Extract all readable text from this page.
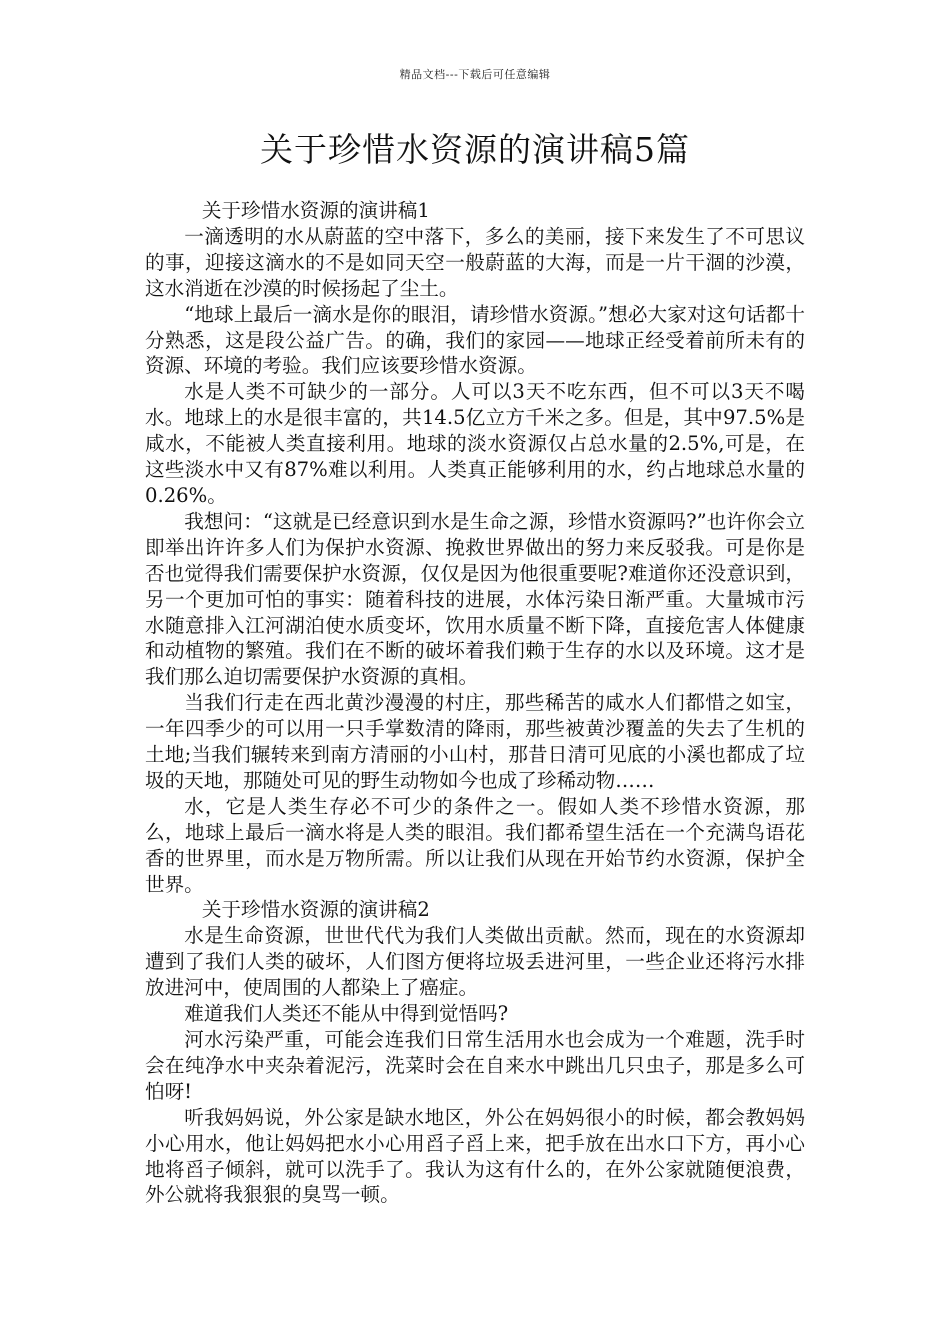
精品文档---下载后可任意编辑
关于珍惜水资源的演讲稿5篇

关于珍惜水资源的演讲稿1

一滴透明的水从蔚蓝的空中落下，多么的美丽，接下来发生了不可思议的事，迎接这滴水的不是如同天空一般蔚蓝的大海，而是一片干涸的沙漠，这水消逝在沙漠的时候扬起了尘土。

“地球上最后一滴水是你的眼泪，请珍惜水资源。”想必大家对这句话都十分熟悉，这是段公益广告。的确，我们的家园——地球正经受着前所未有的资源、环境的考验。我们应该要珍惜水资源。

水是人类不可缺少的一部分。人可以3天不吃东西，但不可以3天不喝水。地球上的水是很丰富的，共14.5亿立方千米之多。但是，其中97.5%是咸水，不能被人类直接利用。地球的淡水资源仅占总水量的2.5%,可是，在这些淡水中又有87%难以利用。人类真正能够利用的水，约占地球总水量的0.26%。

我想问：“这就是已经意识到水是生命之源，珍惜水资源吗?”也许你会立即举出许许多人们为保护水资源、挽救世界做出的努力来反驳我。可是你是否也觉得我们需要保护水资源，仅仅是因为他很重要呢?难道你还没意识到，另一个更加可怕的事实：随着科技的进展，水体污染日渐严重。大量城市污水随意排入江河湖泊使水质变坏，饮用水质量不断下降，直接危害人体健康和动植物的繁殖。我们在不断的破坏着我们赖于生存的水以及环境。这才是我们那么迫切需要保护水资源的真相。

当我们行走在西北黄沙漫漫的村庄，那些稀苦的咸水人们都惜之如宝，一年四季少的可以用一只手掌数清的降雨，那些被黄沙覆盖的失去了生机的土地;当我们辗转来到南方清丽的小山村，那昔日清可见底的小溪也都成了垃圾的天地，那随处可见的野生动物如今也成了珍稀动物……

水，它是人类生存必不可少的条件之一。假如人类不珍惜水资源，那么，地球上最后一滴水将是人类的眼泪。我们都希望生活在一个充满鸟语花香的世界里，而水是万物所需。所以让我们从现在开始节约水资源，保护全世界。

关于珍惜水资源的演讲稿2

水是生命资源，世世代代为我们人类做出贡献。然而，现在的水资源却遭到了我们人类的破坏，人们图方便将垃圾丢进河里，一些企业还将污水排放进河中，使周围的人都染上了癌症。

难道我们人类还不能从中得到觉悟吗?

河水污染严重，可能会连我们日常生活用水也会成为一个难题，洗手时会在纯净水中夹杂着泥污，洗菜时会在自来水中跳出几只虫子，那是多么可怕呀!

听我妈妈说，外公家是缺水地区，外公在妈妈很小的时候，都会教妈妈小心用水，他让妈妈把水小心用舀子舀上来，把手放在出水口下方，再小心地将舀子倾斜，就可以洗手了。我认为这有什么的，在外公家就随便浪费，外公就将我狠狠的臭骂一顿。
